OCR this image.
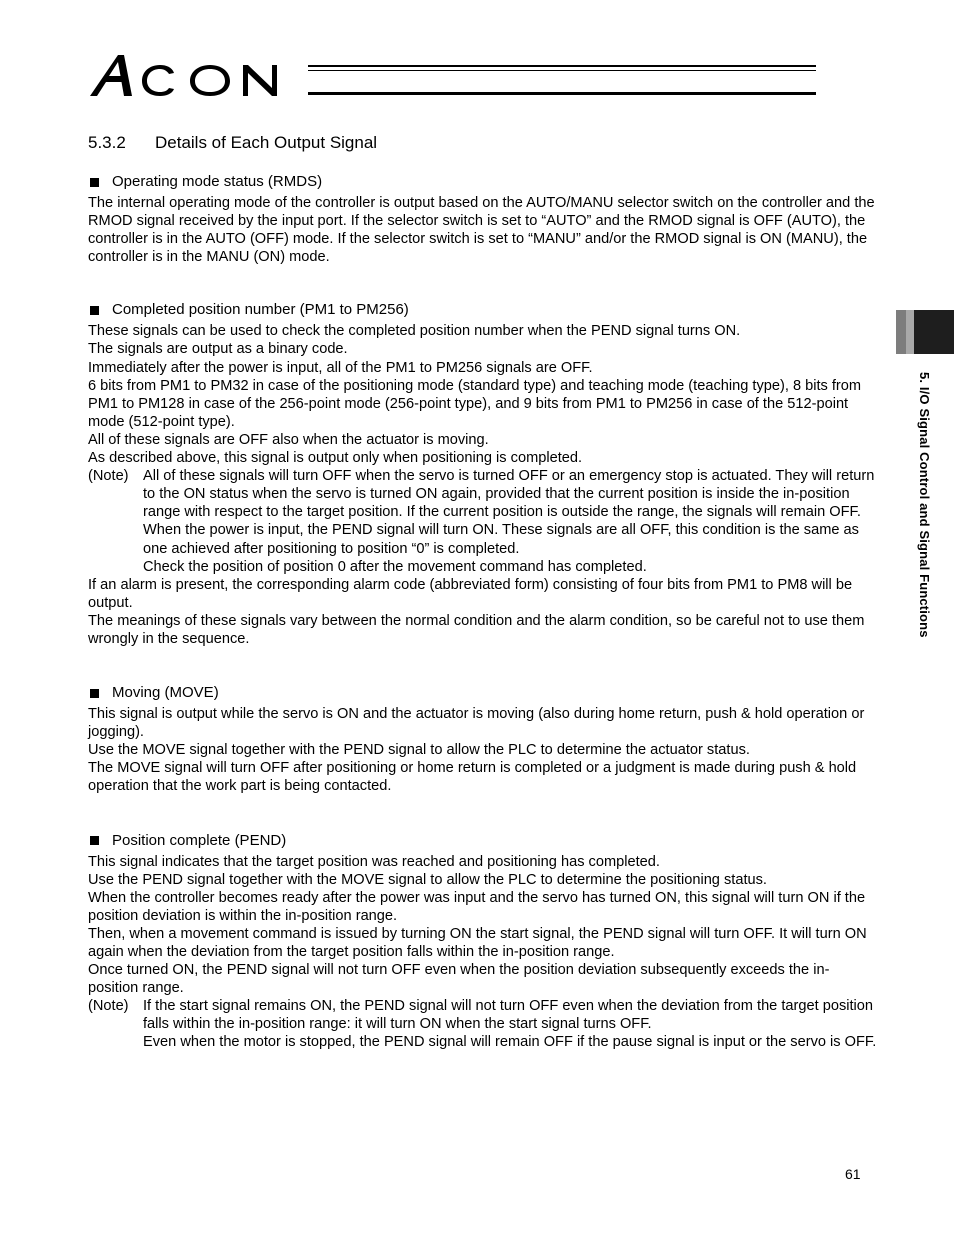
5. I/O Signal Control and Signal Functions
5.3.2	Details of Each Output Signal
Operating mode status (RMDS)

The internal operating mode of the controller is output based on the AUTO/MANU selector switch on the controller and the RMOD signal received by the input port. If the selector switch is set to “AUTO” and the RMOD signal is OFF (AUTO), the controller is in the AUTO (OFF) mode. If the selector switch is set to “MANU” and/or the RMOD signal is ON (MANU), the controller is in the MANU (ON) mode.

Completed position number (PM1 to PM256)

These signals can be used to check the completed position number when the PEND signal turns ON.

The signals are output as a binary code.

Immediately after the power is input, all of the PM1 to PM256 signals are OFF.

6 bits from PM1 to PM32 in case of the positioning mode (standard type) and teaching mode (teaching type), 8 bits from PM1 to PM128 in case of the 256-point mode (256-point type), and 9 bits from PM1 to PM256 in case of the 512-point mode (512-point type).

All of these signals are OFF also when the actuator is moving.

As described above, this signal is output only when positioning is completed.

(Note) All of these signals will turn OFF when the servo is turned OFF or an emergency stop is actuated. They will return to the ON status when the servo is turned ON again, provided that the current position is inside the in-position range with respect to the target position. If the current position is outside the range, the signals will remain OFF.

When the power is input, the PEND signal will turn ON. These signals are all OFF, this condition is the same as one achieved after positioning to position “0” is completed.

Check the position of position 0 after the movement command has completed.

If an alarm is present, the corresponding alarm code (abbreviated form) consisting of four bits from PM1 to PM8 will be output.

The meanings of these signals vary between the normal condition and the alarm condition, so be careful not to use them wrongly in the sequence.

Moving (MOVE)

This signal is output while the servo is ON and the actuator is moving (also during home return, push & hold operation or jogging).

Use the MOVE signal together with the PEND signal to allow the PLC to determine the actuator status.

The MOVE signal will turn OFF after positioning or home return is completed or a judgment is made during push & hold operation that the work part is being contacted.

Position complete (PEND)

This signal indicates that the target position was reached and positioning has completed.

Use the PEND signal together with the MOVE signal to allow the PLC to determine the positioning status.

When the controller becomes ready after the power was input and the servo has turned ON, this signal will turn ON if the position deviation is within the in-position range.

Then, when a movement command is issued by turning ON the start signal, the PEND signal will turn OFF. It will turn ON again when the deviation from the target position falls within the in-position range.

Once turned ON, the PEND signal will not turn OFF even when the position deviation subsequently exceeds the in-position range.

(Note) If the start signal remains ON, the PEND signal will not turn OFF even when the deviation from the target position falls within the in-position range: it will turn ON when the start signal turns OFF.

Even when the motor is stopped, the PEND signal will remain OFF if the pause signal is input or the servo is OFF.

61
